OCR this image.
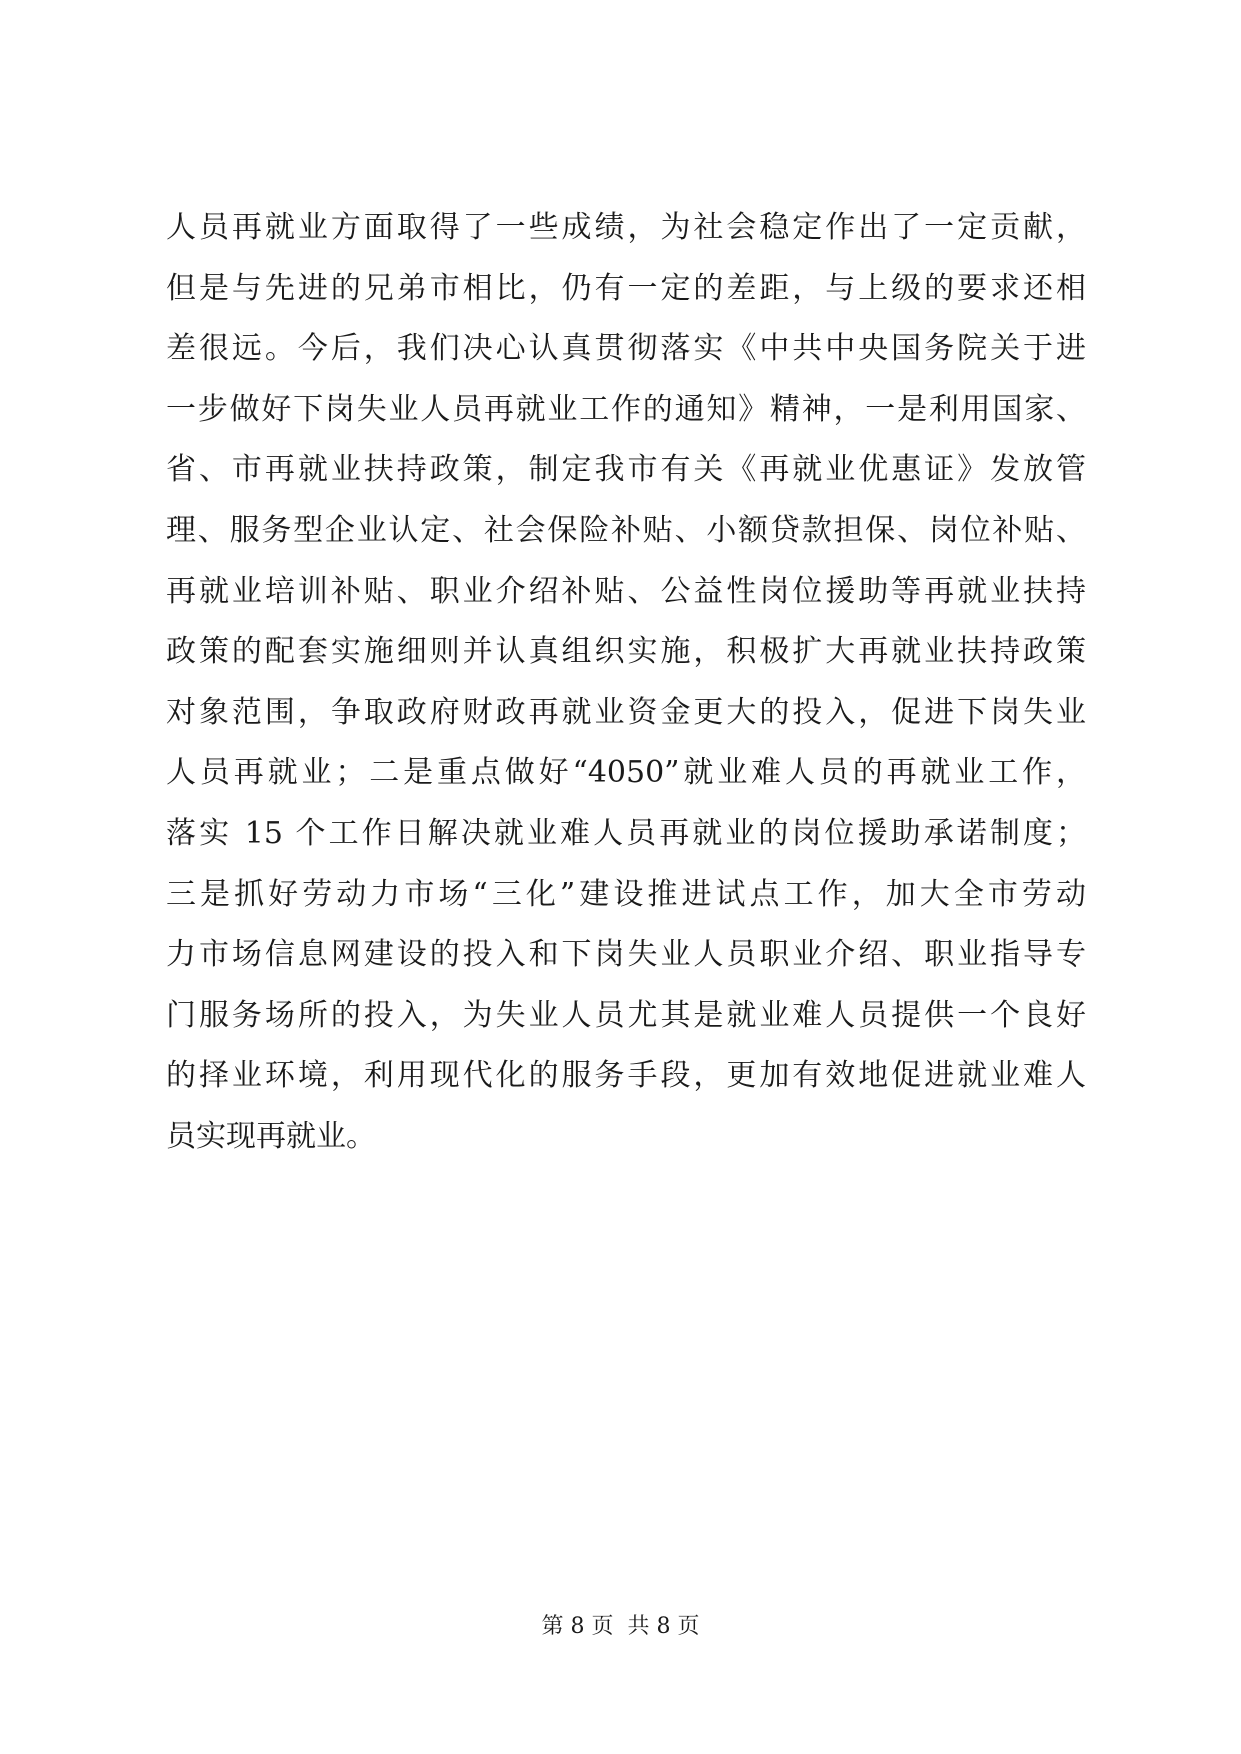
人员再就业方面取得了一些成绩，为社会稳定作出了一定贡献，
但是与先进的兄弟市相比，仍有一定的差距，与上级的要求还相
差很远。今后，我们决心认真贯彻落实《中共中央国务院关于进
一步做好下岗失业人员再就业工作的通知》精神，一是利用国家、
省、市再就业扶持政策，制定我市有关《再就业优惠证》发放管
理、服务型企业认定、社会保险补贴、小额贷款担保、岗位补贴、
再就业培训补贴、职业介绍补贴、公益性岗位援助等再就业扶持
政策的配套实施细则并认真组织实施，积极扩大再就业扶持政策
对象范围，争取政府财政再就业资金更大的投入，促进下岗失业
人员再就业；二是重点做好“4050”就业难人员的再就业工作，
落实 15 个工作日解决就业难人员再就业的岗位援助承诺制度；
三是抓好劳动力市场“三化”建设推进试点工作，加大全市劳动
力市场信息网建设的投入和下岗失业人员职业介绍、职业指导专
门服务场所的投入，为失业人员尤其是就业难人员提供一个良好
的择业环境，利用现代化的服务手段，更加有效地促进就业难人
员实现再就业。
第 8 页  共 8 页
